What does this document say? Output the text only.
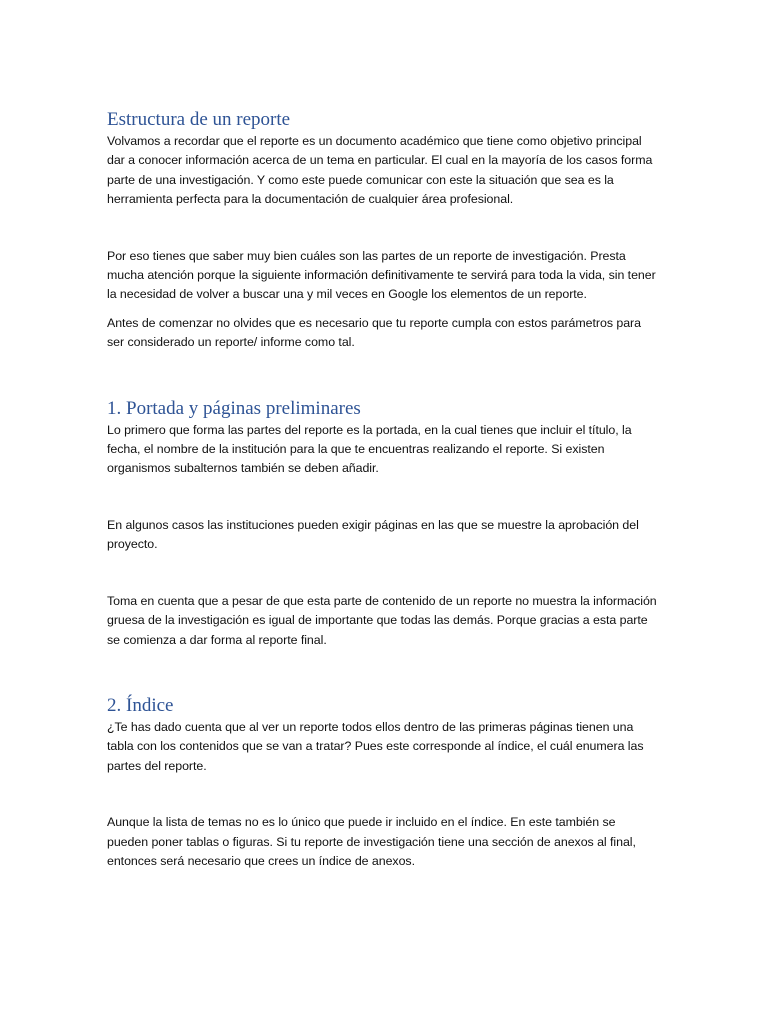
Estructura de un reporte

Volvamos a recordar que el reporte es un documento académico que tiene como objetivo principal dar a conocer información acerca de un tema en particular. El cual en la mayoría de los casos forma parte de una investigación. Y como este puede comunicar con este la situación que sea es la herramienta perfecta para la documentación de cualquier área profesional.

Por eso tienes que saber muy bien cuáles son las partes de un reporte de investigación. Presta mucha atención porque la siguiente información definitivamente te servirá para toda la vida, sin tener la necesidad de volver a buscar una y mil veces en Google los elementos de un reporte.

Antes de comenzar no olvides que es necesario que tu reporte cumpla con estos parámetros para ser considerado un reporte/ informe como tal.

1. Portada y páginas preliminares

Lo primero que forma las partes del reporte es la portada, en la cual tienes que incluir el título, la fecha, el nombre de la institución para la que te encuentras realizando el reporte. Si existen organismos subalternos también se deben añadir.

En algunos casos las instituciones pueden exigir páginas en las que se muestre la aprobación del proyecto.

Toma en cuenta que a pesar de que esta parte de contenido de un reporte no muestra la información gruesa de la investigación es igual de importante que todas las demás. Porque gracias a esta parte se comienza a dar forma al reporte final.

2. Índice

¿Te has dado cuenta que al ver un reporte todos ellos dentro de las primeras páginas tienen una tabla con los contenidos que se van a tratar? Pues este corresponde al índice, el cuál enumera las partes del reporte.

Aunque la lista de temas no es lo único que puede ir incluido en el índice. En este también se pueden poner tablas o figuras. Si tu reporte de investigación tiene una sección de anexos al final, entonces será necesario que crees un índice de anexos.
